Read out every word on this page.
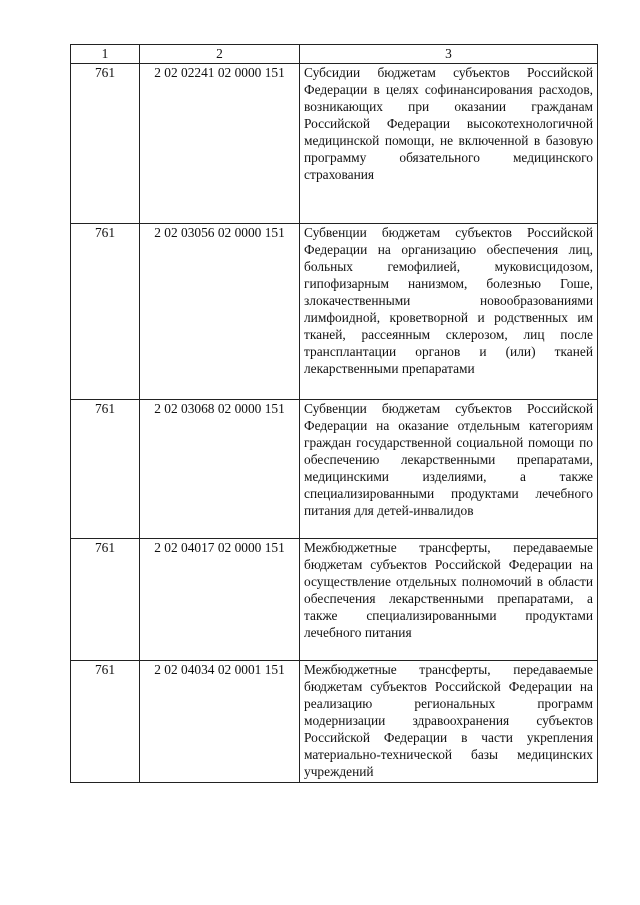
1	2	3
761	2 02 02241 02 0000 151	Субсидии бюджетам субъектов Российской Федерации в целях софинансирования расходов, возникающих при оказании гражданам Российской Федерации высокотехнологичной медицинской помощи, не включенной в базовую программу обязательного медицинского страхования
761	2 02 03056 02 0000 151	Субвенции бюджетам субъектов Российской Федерации на организацию обеспечения лиц, больных гемофилией, муковисцидозом, гипофизарным нанизмом, болезнью Гоше, злокачественными новообразованиями лимфоидной, кроветворной и родственных им тканей, рассеянным склерозом, лиц после трансплантации органов и (или) тканей лекарственными препаратами
761	2 02 03068 02 0000 151	Субвенции бюджетам субъектов Российской Федерации на оказание отдельным категориям граждан государственной социальной помощи по обеспечению лекарственными препаратами, медицинскими изделиями, а также специализированными продуктами лечебного питания для детей-инвалидов
761	2 02 04017 02 0000 151	Межбюджетные трансферты, передаваемые бюджетам субъектов Российской Федерации на осуществление отдельных полномочий в области обеспечения лекарственными препаратами, а также специализированными продуктами лечебного питания
761	2 02 04034 02 0001 151	Межбюджетные трансферты, передаваемые бюджетам субъектов Российской Федерации на реализацию региональных программ модернизации здравоохранения субъектов Российской Федерации в части укрепления материально-технической базы медицинских учреждений
